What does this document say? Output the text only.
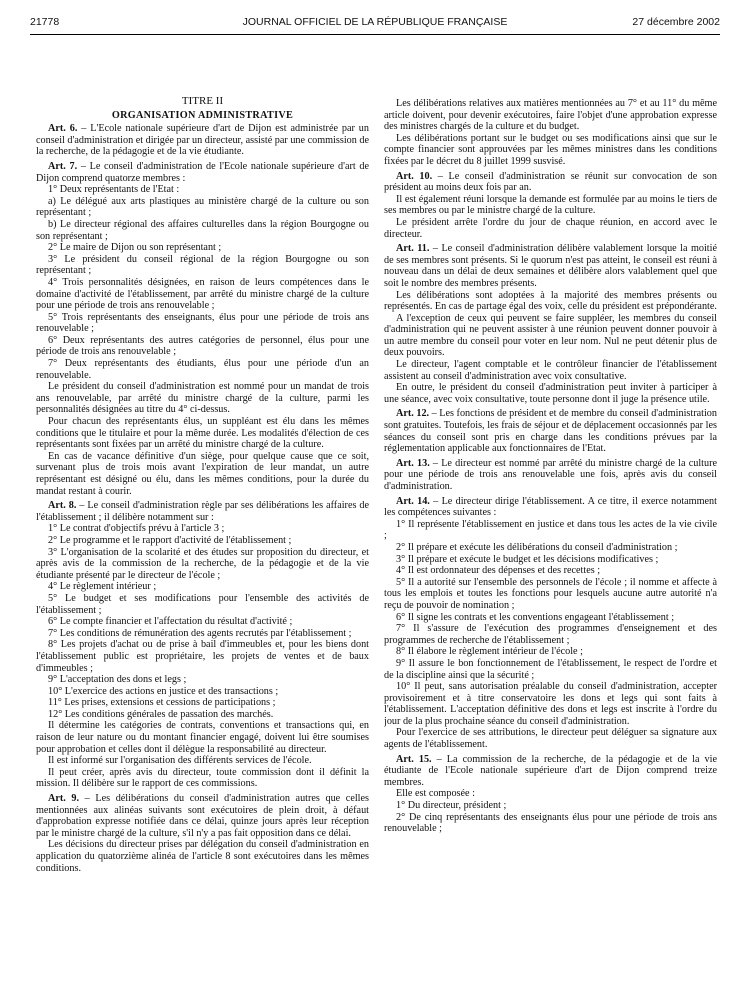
21778	JOURNAL OFFICIEL DE LA RÉPUBLIQUE FRANÇAISE	27 décembre 2002

TITRE II

ORGANISATION ADMINISTRATIVE

Art. 6. – L'Ecole nationale supérieure d'art de Dijon est administrée par un conseil d'administration et dirigée par un directeur, assisté par une commission de la recherche, de la pédagogie et de la vie étudiante.

Art. 7. – Le conseil d'administration de l'Ecole nationale supérieure d'art de Dijon comprend quatorze membres :

1° Deux représentants de l'Etat :

a) Le délégué aux arts plastiques au ministère chargé de la culture ou son représentant ;

b) Le directeur régional des affaires culturelles dans la région Bourgogne ou son représentant ;

2° Le maire de Dijon ou son représentant ;

3° Le président du conseil régional de la région Bourgogne ou son représentant ;

4° Trois personnalités désignées, en raison de leurs compétences dans le domaine d'activité de l'établissement, par arrêté du ministre chargé de la culture pour une période de trois ans renouvelable ;

5° Trois représentants des enseignants, élus pour une période de trois ans renouvelable ;

6° Deux représentants des autres catégories de personnel, élus pour une période de trois ans renouvelable ;

7° Deux représentants des étudiants, élus pour une période d'un an renouvelable.

Le président du conseil d'administration est nommé pour un mandat de trois ans renouvelable, par arrêté du ministre chargé de la culture, parmi les personnalités désignées au titre du 4° ci-dessus.

Pour chacun des représentants élus, un suppléant est élu dans les mêmes conditions que le titulaire et pour la même durée. Les modalités d'élection de ces représentants sont fixées par un arrêté du ministre chargé de la culture.

En cas de vacance définitive d'un siège, pour quelque cause que ce soit, survenant plus de trois mois avant l'expiration de leur mandat, un autre représentant est désigné ou élu, dans les mêmes conditions, pour la durée du mandat restant à courir.

Art. 8. – Le conseil d'administration règle par ses délibérations les affaires de l'établissement ; il délibère notamment sur :

1° Le contrat d'objectifs prévu à l'article 3 ;

2° Le programme et le rapport d'activité de l'établissement ;

3° L'organisation de la scolarité et des études sur proposition du directeur, et après avis de la commission de la recherche, de la pédagogie et de la vie étudiante présenté par le directeur de l'école ;

4° Le règlement intérieur ;

5° Le budget et ses modifications pour l'ensemble des activités de l'établissement ;

6° Le compte financier et l'affectation du résultat d'activité ;

7° Les conditions de rémunération des agents recrutés par l'établissement ;

8° Les projets d'achat ou de prise à bail d'immeubles et, pour les biens dont l'établissement public est propriétaire, les projets de ventes et de baux d'immeubles ;

9° L'acceptation des dons et legs ;

10° L'exercice des actions en justice et des transactions ;

11° Les prises, extensions et cessions de participations ;

12° Les conditions générales de passation des marchés.

Il détermine les catégories de contrats, conventions et transactions qui, en raison de leur nature ou du montant financier engagé, doivent lui être soumises pour approbation et celles dont il délègue la responsabilité au directeur.

Il est informé sur l'organisation des différents services de l'école.

Il peut créer, après avis du directeur, toute commission dont il définit la mission. Il délibère sur le rapport de ces commissions.

Art. 9. – Les délibérations du conseil d'administration autres que celles mentionnées aux alinéas suivants sont exécutoires de plein droit, à défaut d'approbation expresse notifiée dans ce délai, quinze jours après leur réception par le ministre chargé de la culture, s'il n'y a pas fait opposition dans ce délai.

Les décisions du directeur prises par délégation du conseil d'administration en application du quatorzième alinéa de l'article 8 sont exécutoires dans les mêmes conditions.

Les délibérations relatives aux matières mentionnées au 7° et au 11° du même article doivent, pour devenir exécutoires, faire l'objet d'une approbation expresse des ministres chargés de la culture et du budget.

Les délibérations portant sur le budget ou ses modifications ainsi que sur le compte financier sont approuvées par les mêmes ministres dans les conditions fixées par le décret du 8 juillet 1999 susvisé.

Art. 10. – Le conseil d'administration se réunit sur convocation de son président au moins deux fois par an.

Il est également réuni lorsque la demande est formulée par au moins le tiers de ses membres ou par le ministre chargé de la culture.

Le président arrête l'ordre du jour de chaque réunion, en accord avec le directeur.

Art. 11. – Le conseil d'administration délibère valablement lorsque la moitié de ses membres sont présents. Si le quorum n'est pas atteint, le conseil est réuni à nouveau dans un délai de deux semaines et délibère alors valablement quel que soit le nombre des membres présents.

Les délibérations sont adoptées à la majorité des membres présents ou représentés. En cas de partage égal des voix, celle du président est prépondérante.

A l'exception de ceux qui peuvent se faire suppléer, les membres du conseil d'administration qui ne peuvent assister à une réunion peuvent donner pouvoir à un autre membre du conseil pour voter en leur nom. Nul ne peut détenir plus de deux pouvoirs.

Le directeur, l'agent comptable et le contrôleur financier de l'établissement assistent au conseil d'administration avec voix consultative.

En outre, le président du conseil d'administration peut inviter à participer à une séance, avec voix consultative, toute personne dont il juge la présence utile.

Art. 12. – Les fonctions de président et de membre du conseil d'administration sont gratuites. Toutefois, les frais de séjour et de déplacement occasionnés par les séances du conseil sont pris en charge dans les conditions prévues par la réglementation applicable aux fonctionnaires de l'Etat.

Art. 13. – Le directeur est nommé par arrêté du ministre chargé de la culture pour une période de trois ans renouvelable une fois, après avis du conseil d'administration.

Art. 14. – Le directeur dirige l'établissement. A ce titre, il exerce notamment les compétences suivantes :

1° Il représente l'établissement en justice et dans tous les actes de la vie civile ;

2° Il prépare et exécute les délibérations du conseil d'administration ;

3° Il prépare et exécute le budget et les décisions modificatives ;

4° Il est ordonnateur des dépenses et des recettes ;

5° Il a autorité sur l'ensemble des personnels de l'école ; il nomme et affecte à tous les emplois et toutes les fonctions pour lesquels aucune autre autorité n'a reçu de pouvoir de nomination ;

6° Il signe les contrats et les conventions engageant l'établissement ;

7° Il s'assure de l'exécution des programmes d'enseignement et des programmes de recherche de l'établissement ;

8° Il élabore le règlement intérieur de l'école ;

9° Il assure le bon fonctionnement de l'établissement, le respect de l'ordre et de la discipline ainsi que la sécurité ;

10° Il peut, sans autorisation préalable du conseil d'administration, accepter provisoirement et à titre conservatoire les dons et legs qui sont faits à l'établissement. L'acceptation définitive des dons et legs est inscrite à l'ordre du jour de la plus prochaine séance du conseil d'administration.

Pour l'exercice de ses attributions, le directeur peut déléguer sa signature aux agents de l'établissement.

Art. 15. – La commission de la recherche, de la pédagogie et de la vie étudiante de l'Ecole nationale supérieure d'art de Dijon comprend treize membres.

Elle est composée :

1° Du directeur, président ;

2° De cinq représentants des enseignants élus pour une période de trois ans renouvelable ;
